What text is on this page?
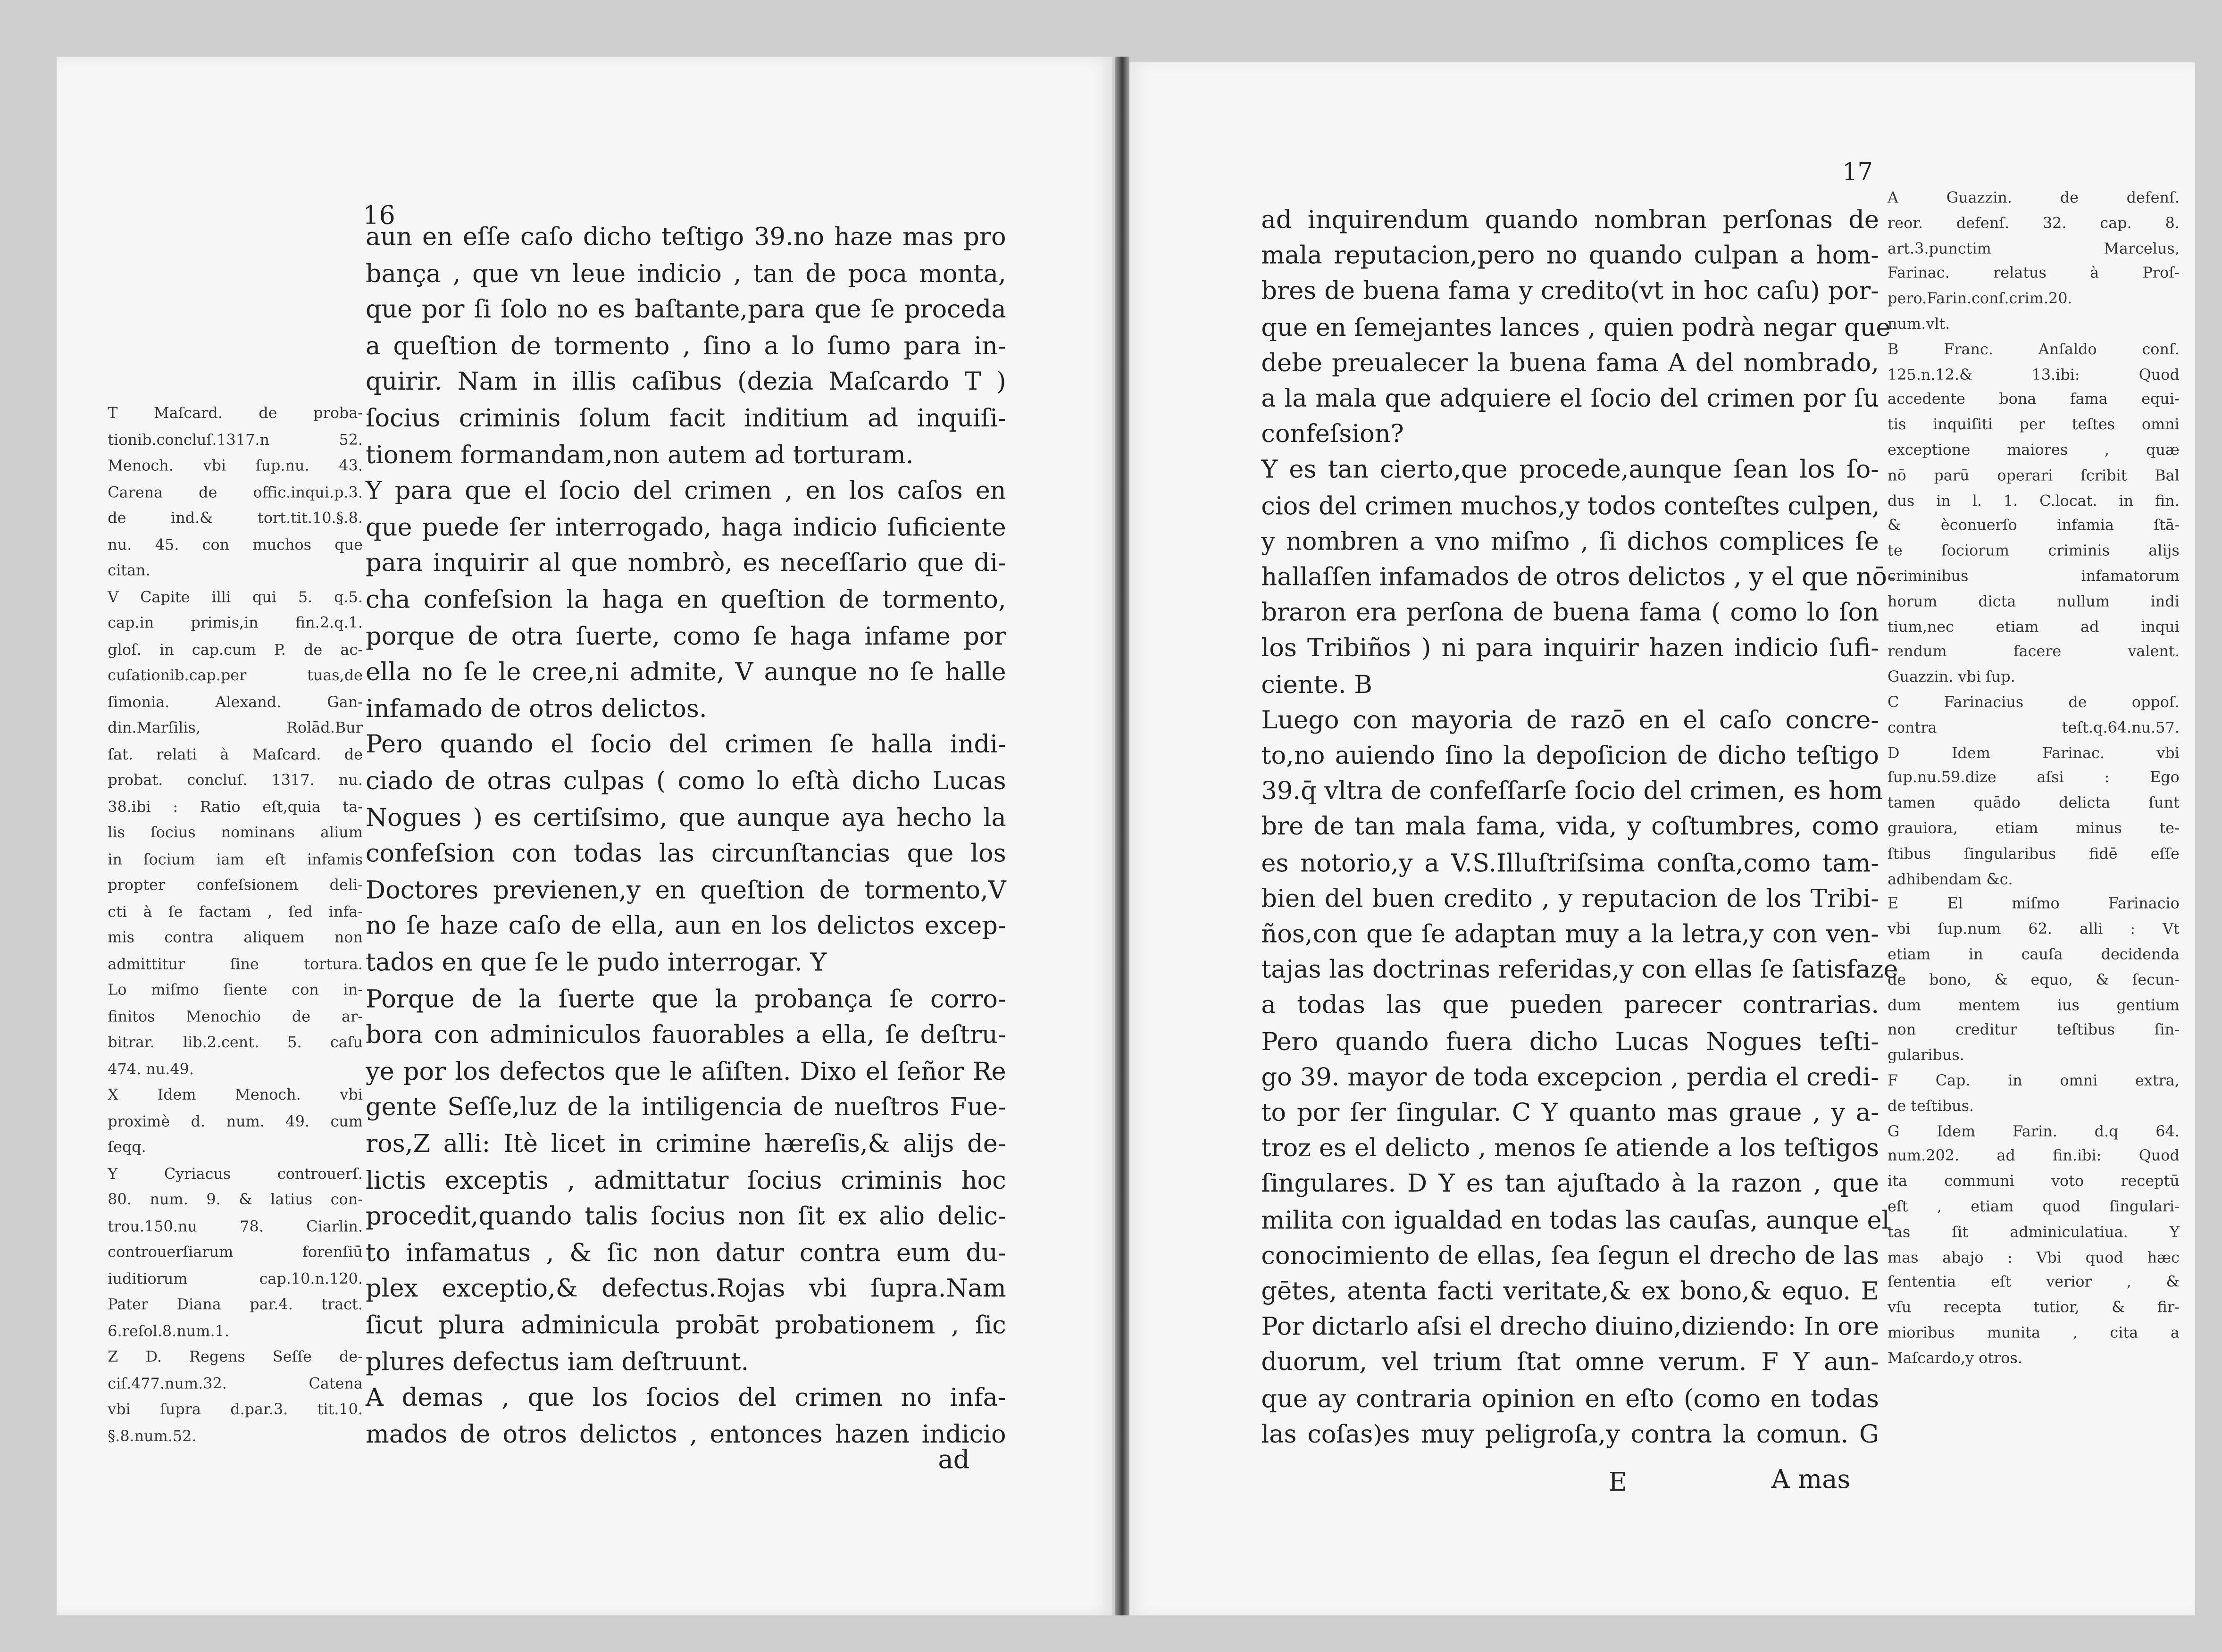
16
17
aun en eſſe caſo dicho teſtigo 39.no haze mas pro
bança , que vn leue indicio , tan de poca monta,
que por ſi ſolo no es baſtante,para que ſe proceda
a queſtion de tormento , ſino a lo ſumo para in-
quirir. Nam in illis caſibus (dezia Maſcardo T )
ſocius criminis ſolum facit inditium ad inquiſi-
tionem formandam,non autem ad torturam.
Y para que el ſocio del crimen , en los caſos en
que puede ſer interrogado, haga indicio ſuficiente
para inquirir al que nombrò, es neceſſario que di-
cha confeſsion la haga en queſtion de tormento,
porque de otra ſuerte, como ſe haga infame por
ella no ſe le cree,ni admite, V aunque no ſe halle
infamado de otros delictos.
Pero quando el ſocio del crimen ſe halla indi-
ciado de otras culpas ( como lo eſtà dicho Lucas
Nogues ) es certiſsimo, que aunque aya hecho la
confeſsion con todas las circunſtancias que los
Doctores previenen,y en queſtion de tormento,V
no ſe haze caſo de ella, aun en los delictos excep-
tados en que ſe le pudo interrogar. Y
Porque de la ſuerte que la probança ſe corro-
bora con adminiculos fauorables a ella, ſe deſtru-
ye por los defectos que le aſiſten. Dixo el ſeñor Re
gente Seſſe,luz de la intiligencia de nueſtros Fue-
ros,Z alli: Itè licet in crimine hæreſis,& alijs de-
lictis exceptis , admittatur ſocius criminis hoc
procedit,quando talis ſocius non ſit ex alio delic-
to infamatus , & ſic non datur contra eum du-
plex exceptio,& defectus.Rojas vbi ſupra.Nam
ſicut plura adminicula probāt probationem , ſic
plures defectus iam deſtruunt.
A demas , que los ſocios del crimen no infa-
mados de otros delictos , entonces hazen indicio
T Maſcard. de proba-
tionib.concluſ.1317.n 52.
Menoch. vbi ſup.nu. 43.
Carena de offic.inqui.p.3.
de ind.& tort.tit.10.§.8.
nu. 45. con muchos que
citan.
V Capite illi qui 5. q.5.
cap.in primis,in fin.2.q.1.
gloſ. in cap.cum P. de ac-
cuſationib.cap.per tuas,de
ſimonia. Alexand. Gan-
din.Marſilis, Rolād.Bur
ſat. relati à Maſcard. de
probat. concluſ. 1317. nu.
38.ibi : Ratio eſt,quia ta-
lis ſocius nominans alium
in ſocium iam eſt infamis
propter confeſsionem deli-
cti à ſe factam , ſed infa-
mis contra aliquem non
admittitur ſine tortura.
Lo miſmo ſiente con in-
finitos Menochio de ar-
bitrar. lib.2.cent. 5. caſu
474. nu.49.
X Idem Menoch. vbi
proximè d. num. 49. cum
ſeqq.
Y Cyriacus controuerſ.
80. num. 9. & latius con-
trou.150.nu 78. Ciarlin.
controuerſiarum forenſiū
iuditiorum cap.10.n.120.
Pater Diana par.4. tract.
6.reſol.8.num.1.
Z D. Regens Seſſe de-
ciſ.477.num.32. Catena
vbi ſupra d.par.3. tit.10.
§.8.num.52.
ad inquirendum quando nombran perſonas de
mala reputacion,pero no quando culpan a hom-
bres de buena fama y credito(vt in hoc caſu) por-
que en ſemejantes lances , quien podrà negar que
debe preualecer la buena fama A del nombrado,
a la mala que adquiere el ſocio del crimen por ſu
confeſsion?
Y es tan cierto,que procede,aunque ſean los ſo-
cios del crimen muchos,y todos conteſtes culpen,
y nombren a vno miſmo , ſi dichos complices ſe
hallaſſen infamados de otros delictos , y el que nō-
braron era perſona de buena fama ( como lo ſon
los Tribiños ) ni para inquirir hazen indicio ſufi-
ciente. B
Luego con mayoria de razō en el caſo concre-
to,no auiendo ſino la depoſicion de dicho teſtigo
39.q̄ vltra de confeſſarſe ſocio del crimen, es hom
bre de tan mala fama, vida, y coſtumbres, como
es notorio,y a V.S.Illuſtriſsima conſta,como tam-
bien del buen credito , y reputacion de los Tribi-
ños,con que ſe adaptan muy a la letra,y con ven-
tajas las doctrinas referidas,y con ellas ſe ſatisfaze
a todas las que pueden parecer contrarias.
Pero quando fuera dicho Lucas Nogues teſti-
go 39. mayor de toda excepcion , perdia el credi-
to por ſer ſingular. C Y quanto mas graue , y a-
troz es el delicto , menos ſe atiende a los teſtigos
ſingulares. D Y es tan ajuſtado à la razon , que
milita con igualdad en todas las cauſas, aunque el
conocimiento de ellas, ſea ſegun el drecho de las
gētes, atenta facti veritate,& ex bono,& equo. E
Por dictarlo aſsi el drecho diuino,diziendo: In ore
duorum, vel trium ſtat omne verum. F Y aun-
que ay contraria opinion en eſto (como en todas
las coſas)es muy peligroſa,y contra la comun. G
A Guazzin. de defenſ.
reor. defenſ. 32. cap. 8.
art.3.punctim Marcelus,
Farinac. relatus à Proſ-
pero.Farin.conſ.crim.20.
num.vlt.
B Franc. Anſaldo conſ.
125.n.12.& 13.ibi: Quod
accedente bona fama equi-
tis inquiſiti per teſtes omni
exceptione maiores , quæ
nō parū operari ſcribit Bal
dus in l. 1. C.locat. in fin.
& èconuerſo infamia ſtā-
te ſociorum criminis alijs
criminibus infamatorum
horum dicta nullum indi
tium,nec etiam ad inqui
rendum facere valent.
Guazzin. vbi ſup.
C Farinacius de oppoſ.
contra teſt.q.64.nu.57.
D Idem Farinac. vbi
ſup.nu.59.dize aſsi : Ego
tamen quādo delicta ſunt
grauiora, etiam minus te-
ſtibus ſingularibus fidē eſſe
adhibendam &c.
E El miſmo Farinacio
vbi ſup.num 62. alli : Vt
etiam in cauſa decidenda
de bono, & equo, & ſecun-
dum mentem ius gentium
non creditur teſtibus ſin-
gularibus.
F Cap. in omni extra,
de teſtibus.
G Idem Farin. d.q 64.
num.202. ad fin.ibi: Quod
ita communi voto receptū
eſt , etiam quod ſingulari-
tas ſit adminiculatiua. Y
mas abajo : Vbi quod hæc
ſententia eſt verior , &
vſu recepta tutior, & fir-
mioribus munita , cita a
Maſcardo,y otros.
ad
E	A mas
